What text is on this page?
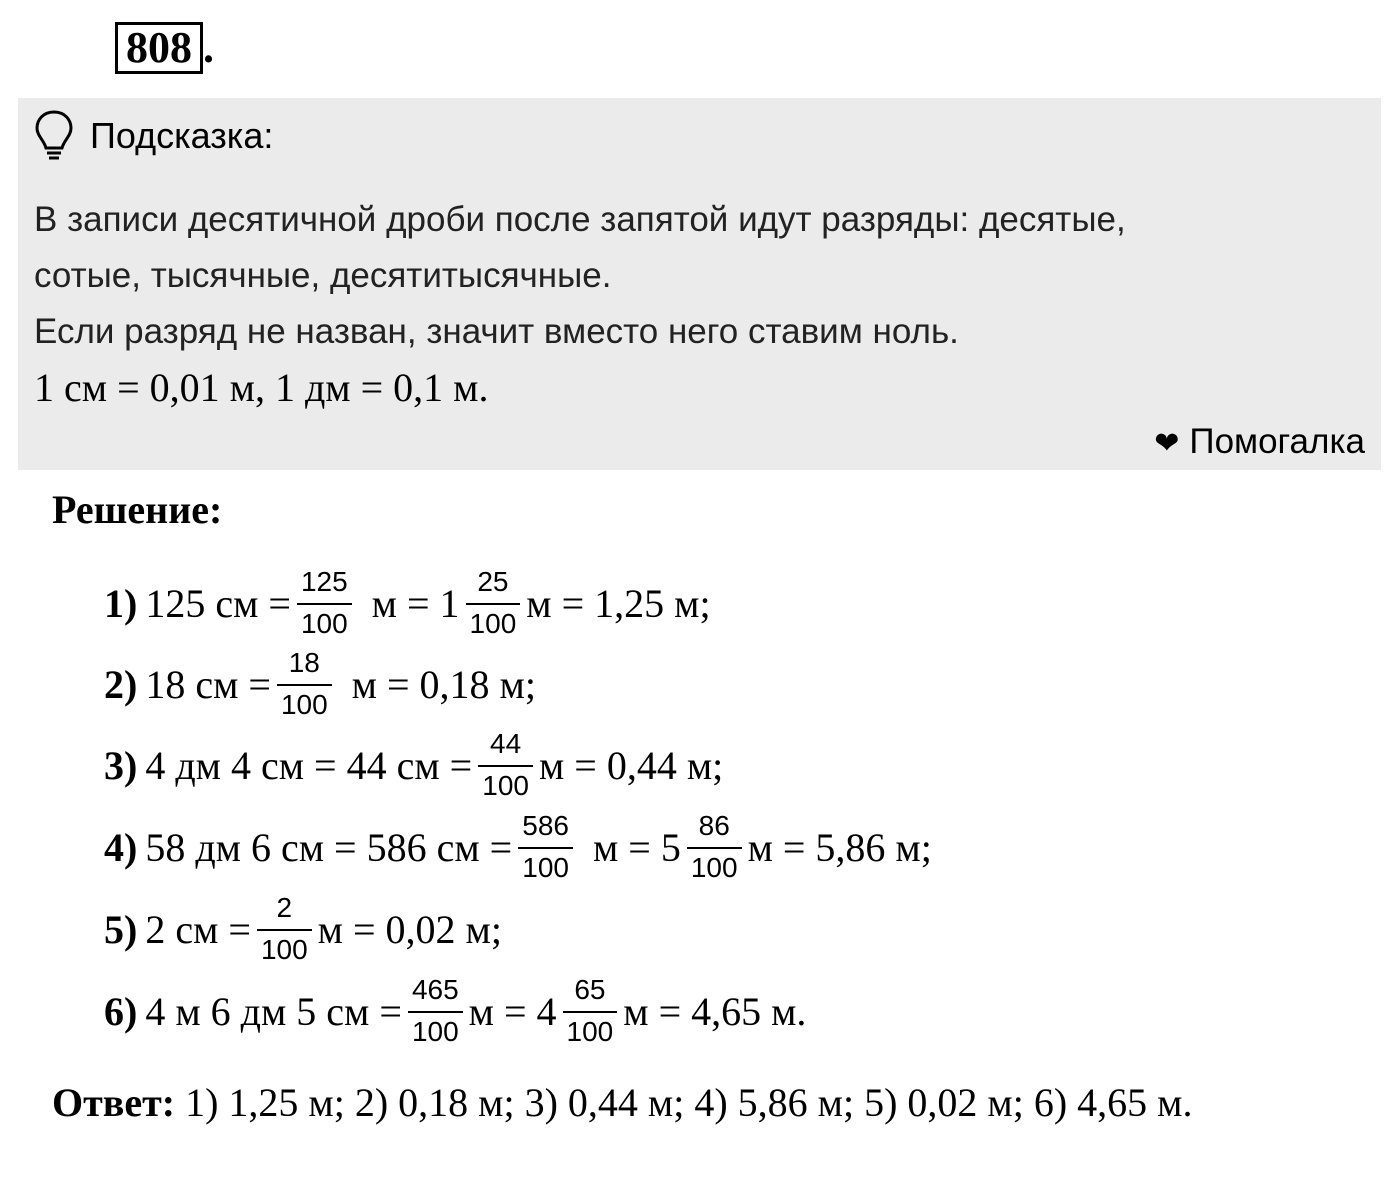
808 .
Подсказка:

В записи десятичной дроби после запятой идут разряды: десятые,

сотые, тысячные, десятитысячные.

Если разряд не назван, значит вместо него ставим ноль.

1 см = 0,01 м, 1 дм = 0,1 м.
❤ Помогалка
Решение:
1) 125 см = $\frac{125}{100}$ $м = 1 \frac{25}{100}$ м = 1,25 м;
2) 18 см = $\frac{18}{100}$ м = 0,18 м;
3) 4 дм 4 см = 44 см = $\frac{44}{100}$ м = 0,44 м;
4) 58 дм 6 см = 586 см = $\frac{586}{100}$ $м = 5 \frac{86}{100}$ м = 5,86 м;
5) 2 см = $\frac{2}{100}$ м = 0,02 м;
6) 4 м 6 дм 5 см = $\frac{465}{100}$ $м = 4 \frac{65}{100}$ м = 4,65 м.
Ответ: 1) 1,25 м; 2) 0,18 м; 3) 0,44 м; 4) 5,86 м; 5) 0,02 м; 6) 4,65 м.
